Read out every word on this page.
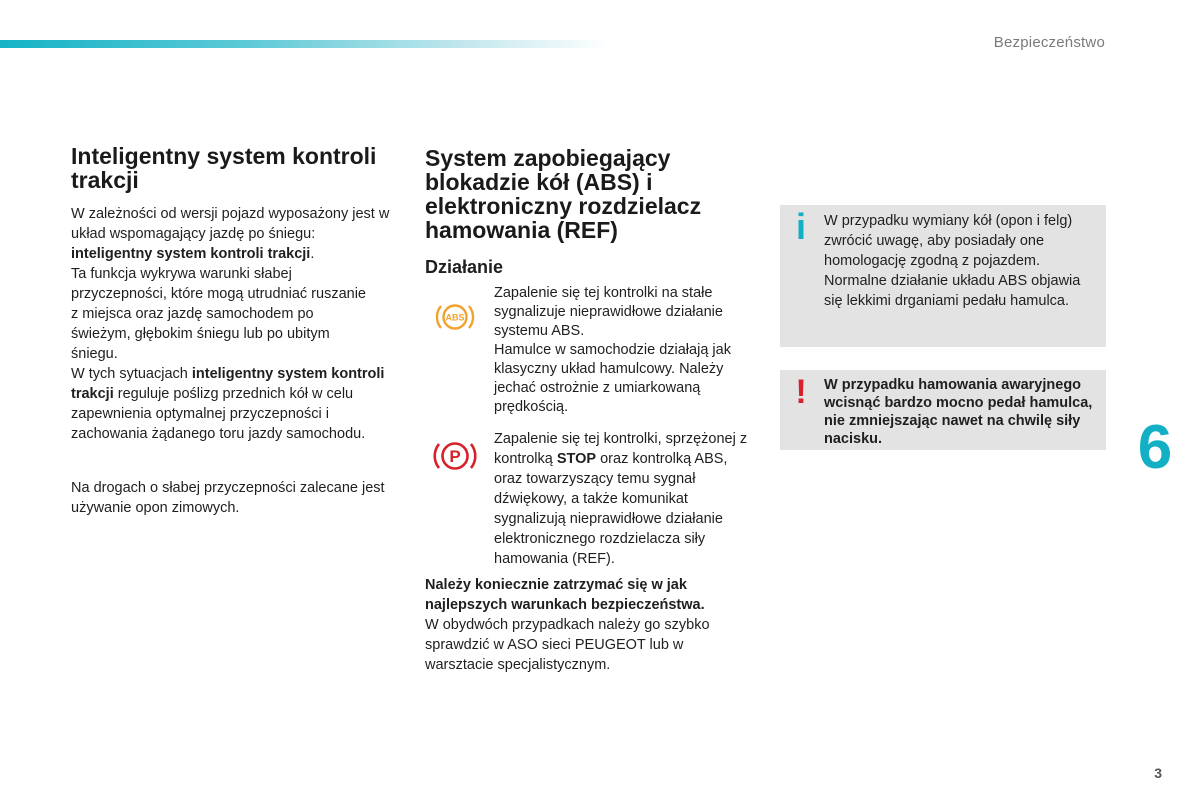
Bezpieczeństwo
Inteligentny system kontroli trakcji

W zależności od wersji pojazd wyposażony jest w układ wspomagający jazdę po śniegu: inteligentny system kontroli trakcji.

Ta funkcja wykrywa warunki słabej przyczepności, które mogą utrudniać ruszanie z miejsca oraz jazdę samochodem po świeżym, głębokim śniegu lub po ubitym śniegu.

W tych sytuacjach inteligentny system kontroli trakcji reguluje poślizg przednich kół w celu zapewnienia optymalnej przyczepności i zachowania żądanego toru jazdy samochodu.

Na drogach o słabej przyczepności zalecane jest używanie opon zimowych.

System zapobiegający blokadzie kół (ABS) i elektroniczny rozdzielacz hamowania (REF)
Działanie
ABS
Zapalenie się tej kontrolki na stałe sygnalizuje nieprawidłowe działanie systemu ABS.
Hamulce w samochodzie działają jak klasyczny układ hamulcowy. Należy jechać ostrożnie z umiarkowaną prędkością.
P
Zapalenie się tej kontrolki, sprzężonej z kontrolką STOP oraz kontrolką ABS, oraz towarzyszący temu sygnał dźwiękowy, a także komunikat sygnalizują nieprawidłowe działanie elektronicznego rozdzielacza siły hamowania (REF).

Należy koniecznie zatrzymać się w jak najlepszych warunkach bezpieczeństwa.

W obydwóch przypadkach należy go szybko sprawdzić w ASO sieci PEUGEOT lub w warsztacie specjalistycznym.

i	W przypadku wymiany kół (opon i felg) zwrócić uwagę, aby posiadały one homologację zgodną z pojazdem. Normalne działanie układu ABS objawia się lekkimi drganiami pedału hamulca.
!	W przypadku hamowania awaryjnego wcisnąć bardzo mocno pedał hamulca, nie zmniejszając nawet na chwilę siły nacisku.	6
3
